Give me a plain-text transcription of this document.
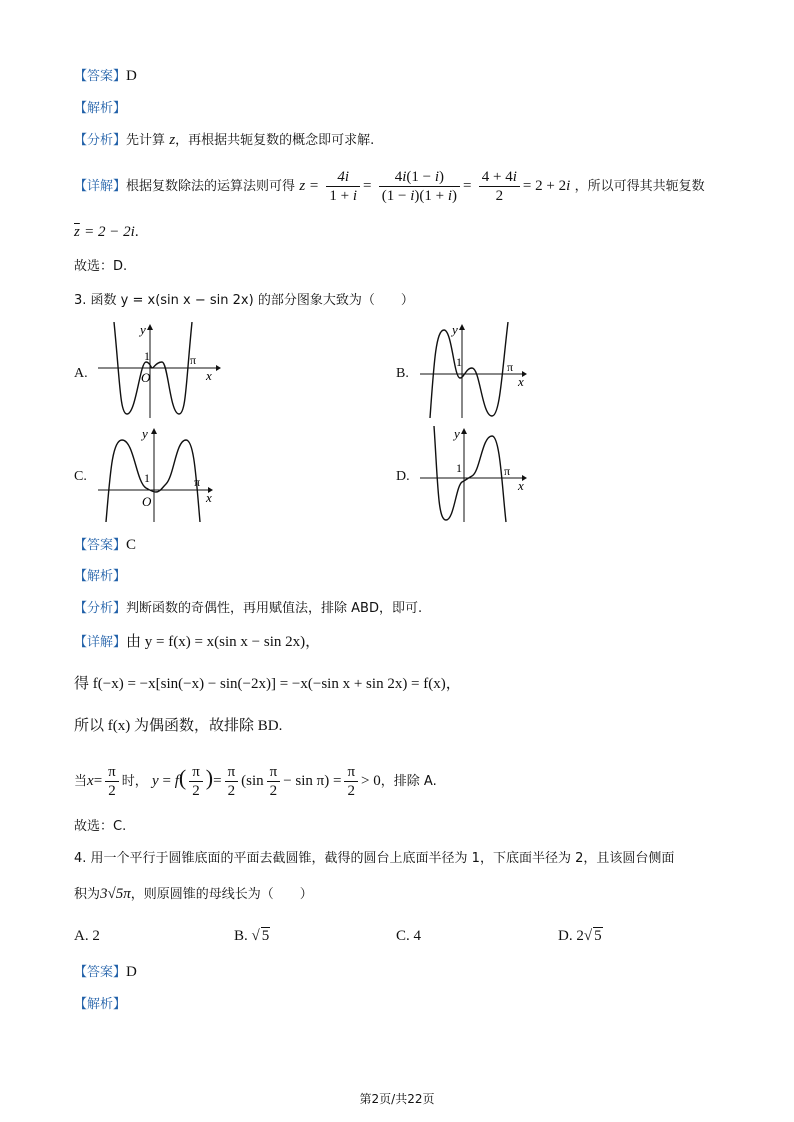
【答案】D
【解析】
【分析】先计算 z，再根据共轭复数的概念即可求解.
【详解】根据复数除法的运算法则可得 $z = \frac{4i}{1 + i} = \frac{4i(1 - i)}{(1 - i)(1 + i)} = \frac{4 + 4i}{2} = 2 + 2i$ ，所以可得其共轭复数
$\overline{z} = 2 - 2i$.
故选：D.
3. 函数 y = x(sin x − sin 2x) 的部分图象大致为（　　）
A.	B.
C.	D.
y
1
O
π
x
y
1	π
x
y
1
O
π
x
y
1	π
x
【答案】C
【解析】
【分析】判断函数的奇偶性，再用赋值法，排除 ABD，即可.
【详解】由 y = f(x) = x(sin x − sin 2x)，
得 f(−x) = −x[sin(−x) − sin(−2x)] = −x(−sin x + sin 2x) = f(x)，
所以 f(x) 为偶函数，故排除 BD.
当$x= \frac{\pi}{2}$ 时， $y = f( \frac{\pi}{2}$ )= $\frac{\pi}{2} (\sin \frac{\pi}{2} - \sin \pi) = \frac{\pi}{2} > 0$，排除 A.
故选：C.
4. 用一个平行于圆锥底面的平面去截圆锥，截得的圆台上底面半径为 1，下底面半径为 2，且该圆台侧面
积为3√5π，则原圆锥的母线长为（　　）
A. 2	B. √ 5	C. 4	D. 2√ 5
【答案】D
【解析】
第2页/共22页
